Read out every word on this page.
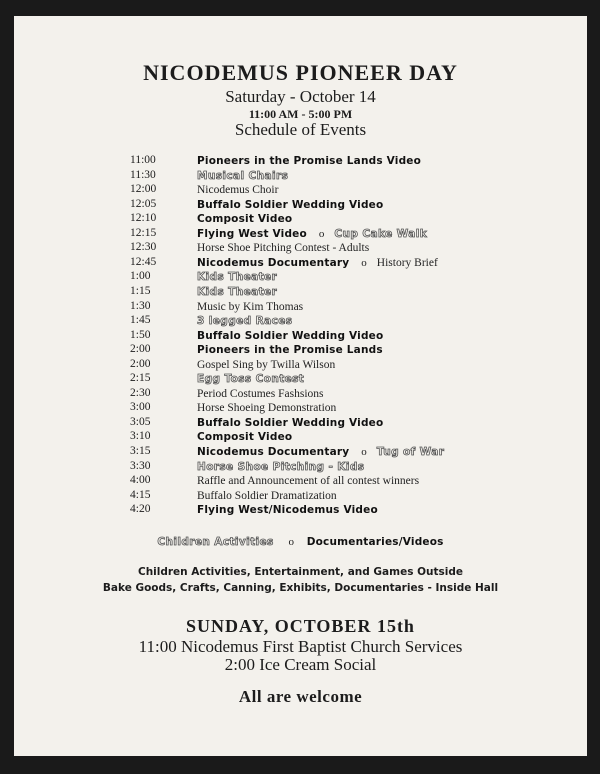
NICODEMUS PIONEER DAY
Saturday - October 14
11:00 AM - 5:00 PM
Schedule of Events
11:00	Pioneers in the Promise Lands Video
11:30	Musical Chairs
12:00	Nicodemus Choir
12:05	Buffalo Soldier Wedding Video
12:10	Composit Video
12:15	Flying West Video o Cup Cake Walk
12:30	Horse Shoe Pitching Contest - Adults
12:45	Nicodemus Documentary o History Brief
1:00	Kids Theater
1:15	Kids Theater
1:30	Music by Kim Thomas
1:45	3 legged Races
1:50	Buffalo Soldier Wedding Video
2:00	Pioneers in the Promise Lands
2:00	Gospel Sing by Twilla Wilson
2:15	Egg Toss Contest
2:30	Period Costumes Fashsions
3:00	Horse Shoeing Demonstration
3:05	Buffalo Soldier Wedding Video
3:10	Composit Video
3:15	Nicodemus Documentary o Tug of War
3:30	Horse Shoe Pitching - Kids
4:00	Raffle and Announcement of all contest winners
4:15	Buffalo Soldier Dramatization
4:20	Flying West/Nicodemus Video
Children Activities o Documentaries/Videos
Children Activities, Entertainment, and Games Outside
Bake Goods, Crafts, Canning, Exhibits, Documentaries - Inside Hall
SUNDAY, OCTOBER 15th
11:00 Nicodemus First Baptist Church Services
2:00 Ice Cream Social
All are welcome
